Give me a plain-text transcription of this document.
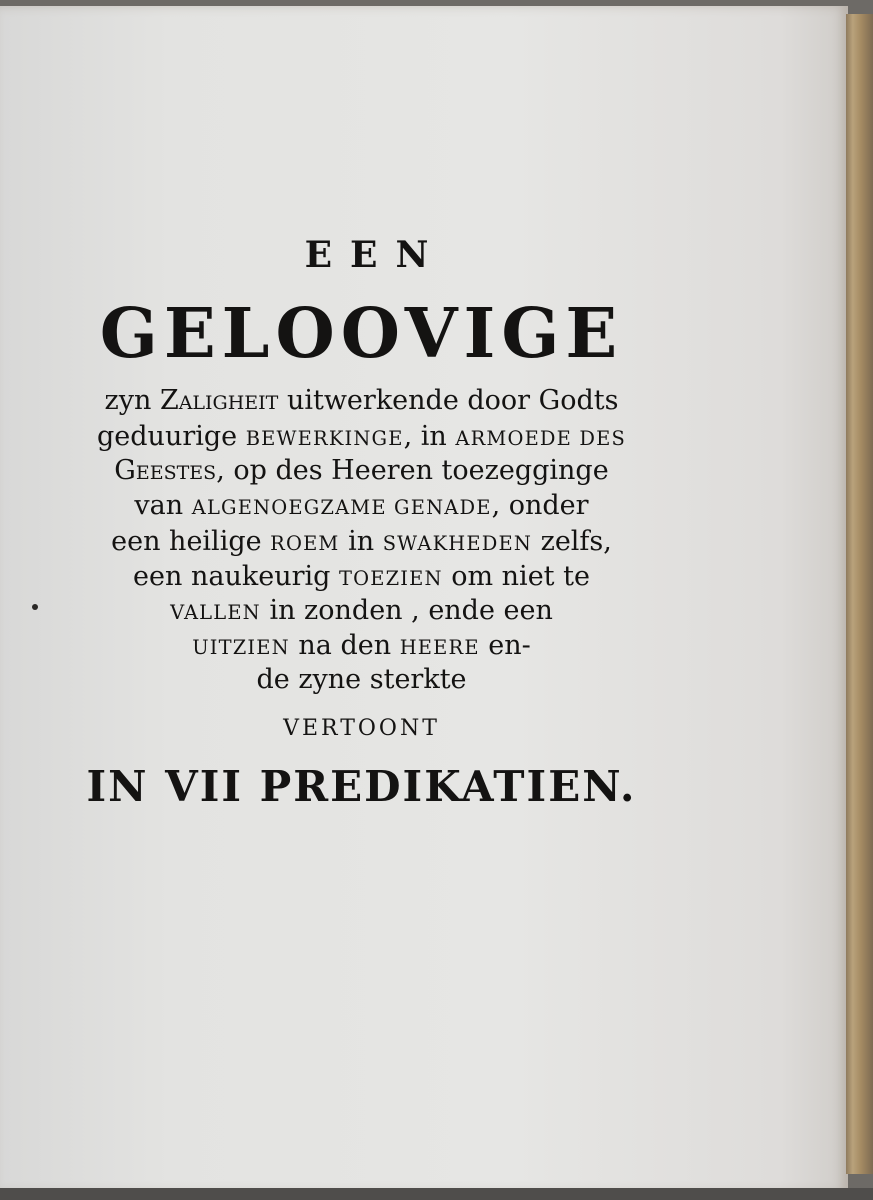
EEN
GELOOVIGE
zyn Zaligheit uitwerkende door Godts
geduurige BEWERKINGE, in ARMOEDE DES
Geestes, op des Heeren toezegginge
van ALGENOEGZAME GENADE, onder
een heilige ROEM in SWAKHEDEN zelfs,
een naukeurig TOEZIEN om niet te
VALLEN in zonden , ende een
UITZIEN na den HEERE en-
de zyne sterkte
VERTOONT
IN VII PREDIKATIEN.
